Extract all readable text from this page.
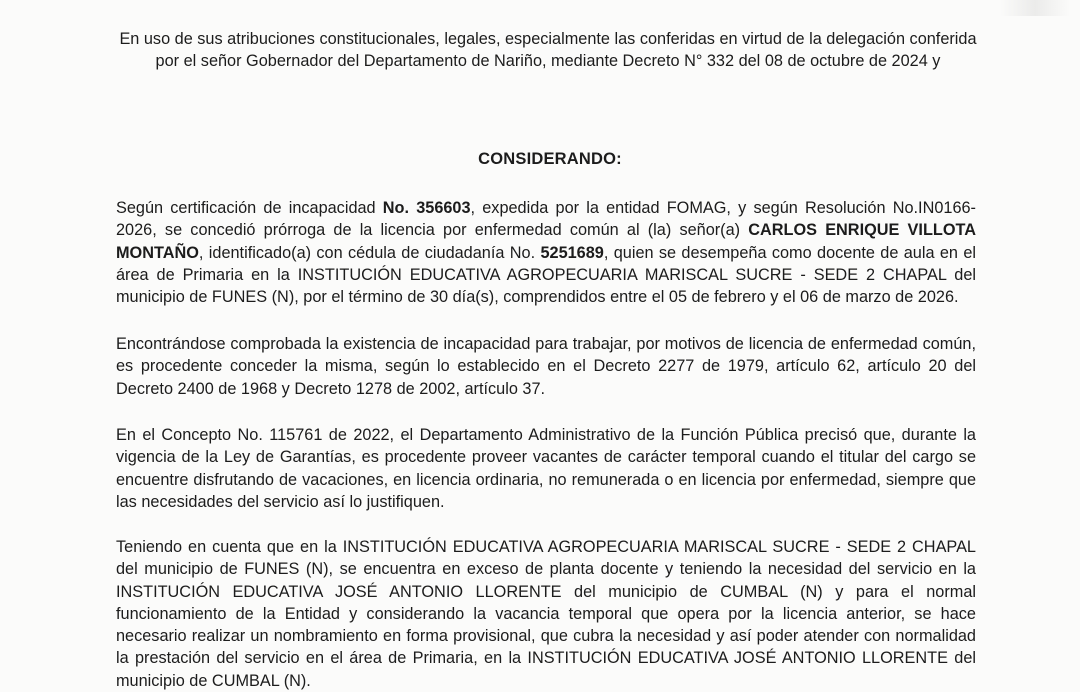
En uso de sus atribuciones constitucionales, legales, especialmente las conferidas en virtud de la delegación conferida por el señor Gobernador del Departamento de Nariño, mediante Decreto N° 332 del 08 de octubre de 2024 y
CONSIDERANDO:
Según certificación de incapacidad No. 356603, expedida por la entidad FOMAG, y según Resolución No.IN0166-2026, se concedió prórroga de la licencia por enfermedad común al (la) señor(a) CARLOS ENRIQUE VILLOTA MONTAÑO, identificado(a) con cédula de ciudadanía No. 5251689, quien se desempeña como docente de aula en el área de Primaria en la INSTITUCIÓN EDUCATIVA AGROPECUARIA MARISCAL SUCRE - SEDE 2 CHAPAL del municipio de FUNES (N), por el término de 30 día(s), comprendidos entre el 05 de febrero y el 06 de marzo de 2026.
Encontrándose comprobada la existencia de incapacidad para trabajar, por motivos de licencia de enfermedad común, es procedente conceder la misma, según lo establecido en el Decreto 2277 de 1979, artículo 62, artículo 20 del Decreto 2400 de 1968 y Decreto 1278 de 2002, artículo 37.
En el Concepto No. 115761 de 2022, el Departamento Administrativo de la Función Pública precisó que, durante la vigencia de la Ley de Garantías, es procedente proveer vacantes de carácter temporal cuando el titular del cargo se encuentre disfrutando de vacaciones, en licencia ordinaria, no remunerada o en licencia por enfermedad, siempre que las necesidades del servicio así lo justifiquen.
Teniendo en cuenta que en la INSTITUCIÓN EDUCATIVA AGROPECUARIA MARISCAL SUCRE - SEDE 2 CHAPAL del municipio de FUNES (N), se encuentra en exceso de planta docente y teniendo la necesidad del servicio en la INSTITUCIÓN EDUCATIVA JOSÉ ANTONIO LLORENTE del municipio de CUMBAL (N) y para el normal funcionamiento de la Entidad y considerando la vacancia temporal que opera por la licencia anterior, se hace necesario realizar un nombramiento en forma provisional, que cubra la necesidad y así poder atender con normalidad la prestación del servicio en el área de Primaria, en la INSTITUCIÓN EDUCATIVA JOSÉ ANTONIO LLORENTE del municipio de CUMBAL (N).
